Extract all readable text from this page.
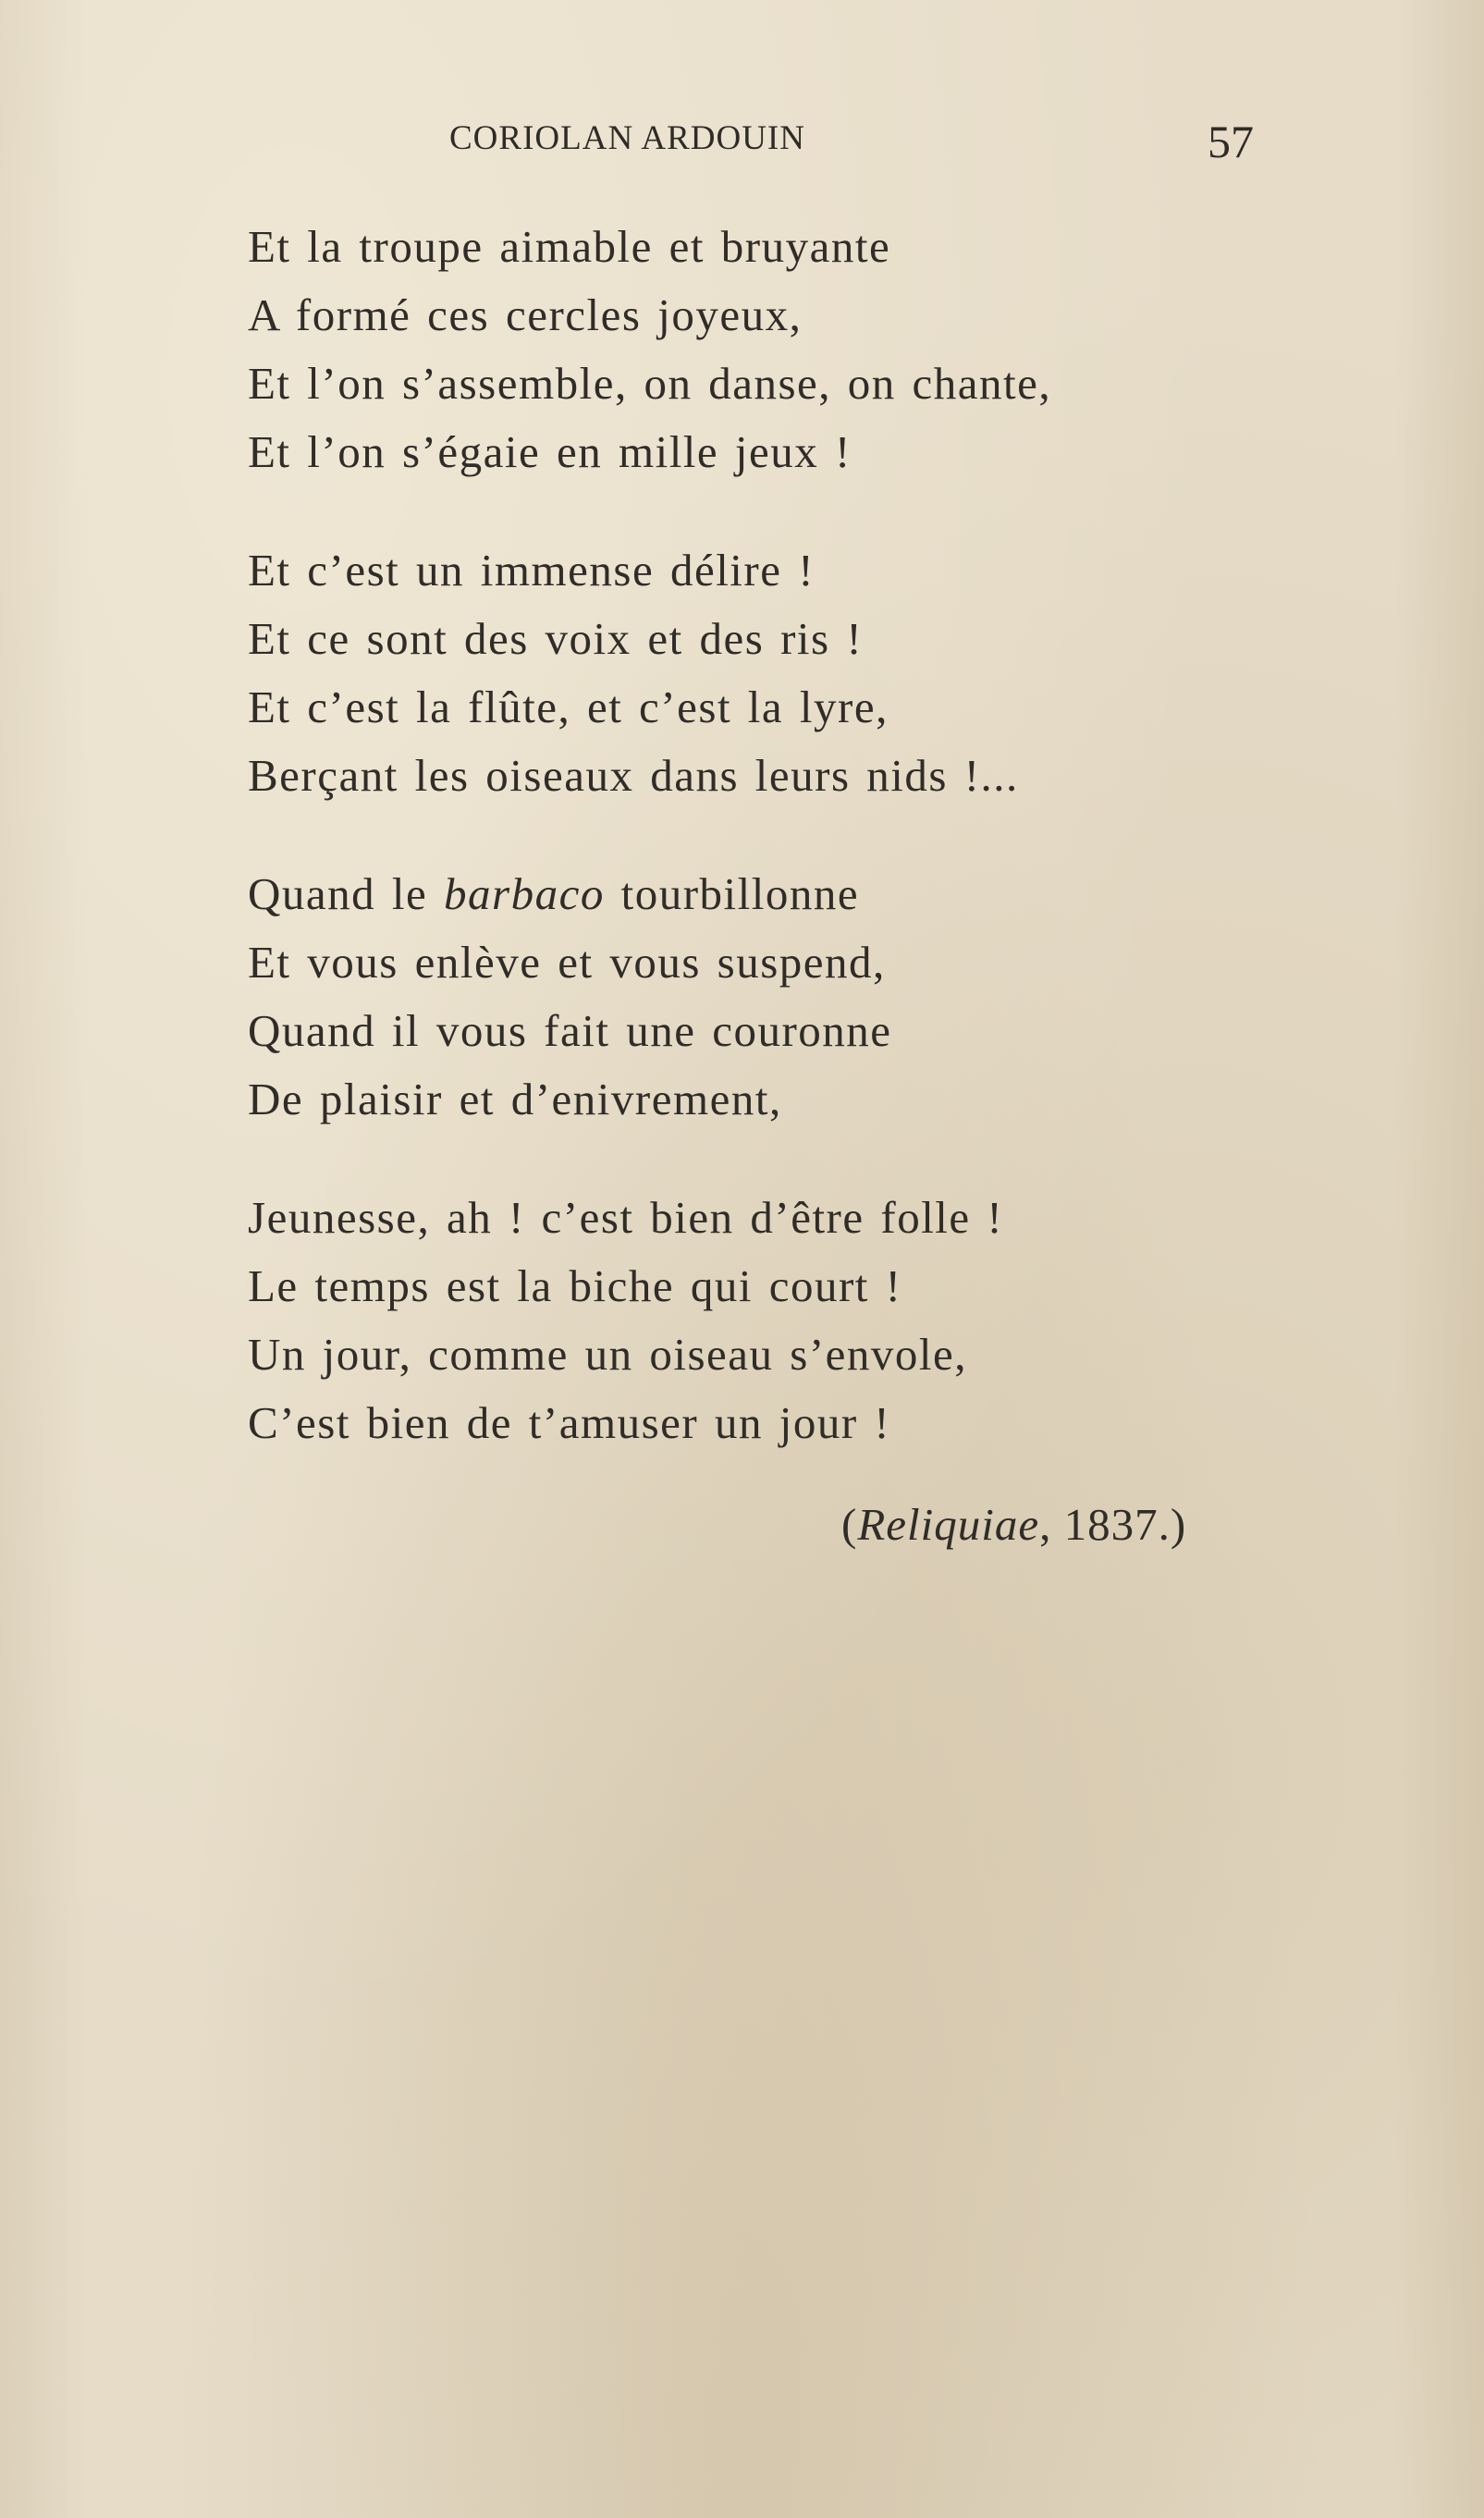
CORIOLAN ARDOUIN	57
Et la troupe aimable et bruyante
A formé ces cercles joyeux,
Et l’on s’assemble, on danse, on chante,
Et l’on s’égaie en mille jeux !
Et c’est un immense délire !
Et ce sont des voix et des ris !
Et c’est la flûte, et c’est la lyre,
Berçant les oiseaux dans leurs nids !...
Quand le barbaco tourbillonne
Et vous enlève et vous suspend,
Quand il vous fait une couronne
De plaisir et d’enivrement,
Jeunesse, ah ! c’est bien d’être folle !
Le temps est la biche qui court !
Un jour, comme un oiseau s’envole,
C’est bien de t’amuser un jour !
(Reliquiae, 1837.)
